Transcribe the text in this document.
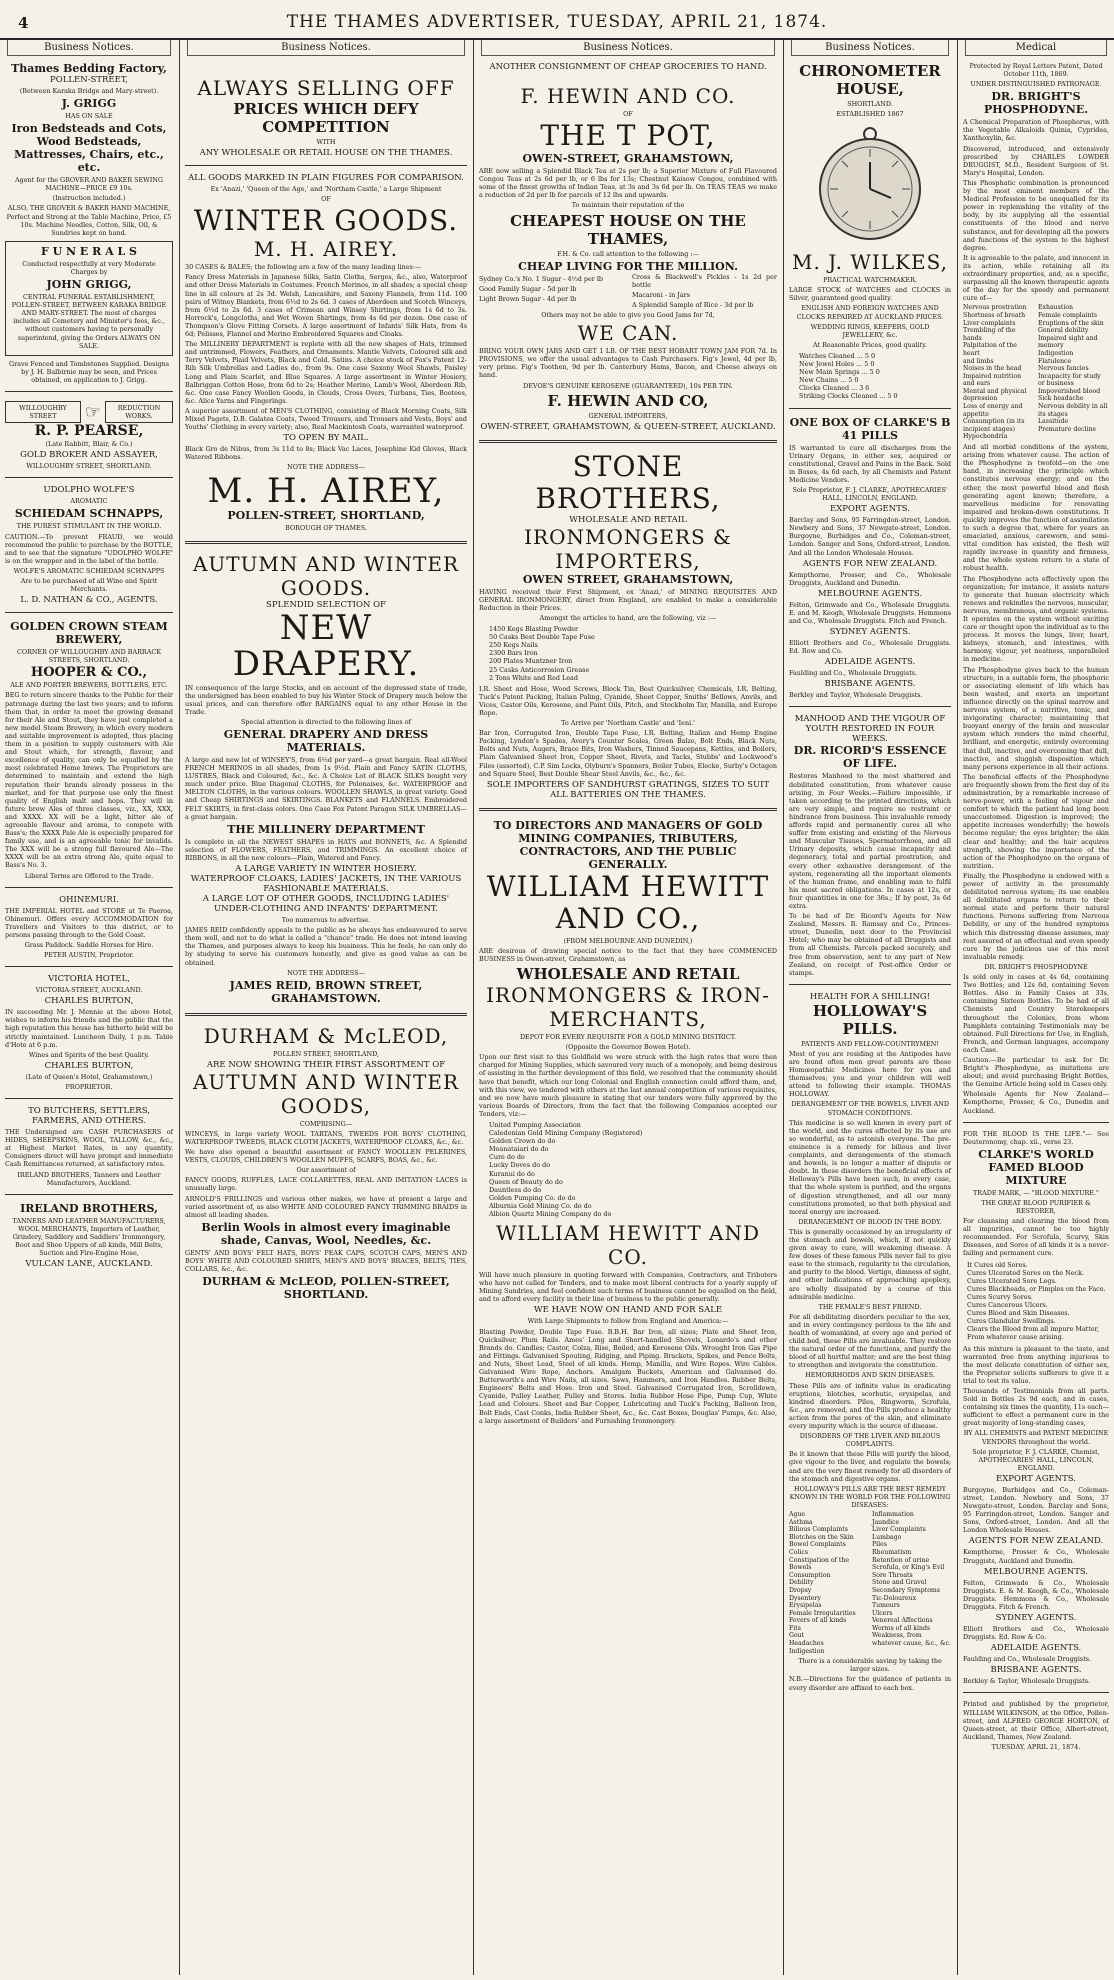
4	THE THAMES ADVERTISER, TUESDAY, APRIL 21, 1874.
Business Notices.
Thames Bedding Factory,
POLLEN-STREET,
(Between Karaka Bridge and Mary-street).
J. GRIGG
HAS ON SALE
Iron Bedsteads and Cots, Wood Bedsteads, Mattresses, Chairs, etc., etc.
Agent for the GROVER AND BAKER SEWING MACHINE—PRICE £9 10s.
(Instruction included.)
ALSO, THE GROVER & BAKER HAND MACHINE, Perfect and Strong at the Table Machine, Price, £5 10s. Machine Needles, Cotton, Silk, Oil, & Sundries kept on hand.
F U N E R A L S
Conducted respectfully at very Moderate Charges by
JOHN GRIGG,
CENTRAL FUNERAL ESTABLISHMENT, POLLEN-STREET, BETWEEN KARAKA BRIDGE AND MARY-STREET. The most of charges includes all Cemetery and Minister's fees, &c., without customers having to personally superintend, giving the Orders ALWAYS ON SALE.
Grave Fenced and Tombstones Supplied. Designs by J. H. Balbirnie may be seen, and Prices obtained, on application to J. Grigg.
WILLOUGHBY STREET	☞	REDUCTION WORKS.
R. P. PEARSE,
(Late Rabbitt, Blair, & Co.)
GOLD BROKER AND ASSAYER,
WILLOUGHBY STREET, SHORTLAND.
UDOLPHO WOLFE'S
AROMATIC
SCHIEDAM SCHNAPPS,
THE PUREST STIMULANT IN THE WORLD.
CAUTION.—To prevent FRAUD, we would recommend the public to purchase by the BOTTLE, and to see that the signature "UDOLPHO WOLFE" is on the wrapper and in the label of the bottle.
WOLFE'S AROMATIC SCHIEDAM SCHNAPPS
Are to be purchased of all Wine and Spirit Merchants.
L. D. NATHAN & CO., AGENTS.
GOLDEN CROWN STEAM BREWERY,
CORNER OF WILLOUGHBY AND BARRACK STREETS, SHORTLAND.
HOOPER & CO.,
ALE AND PORTER BREWERS, BOTTLERS, ETC.
BEG to return sincere thanks to the Public for their patronage during the last two years; and to inform them that, in order to meet the growing demand for their Ale and Stout, they have just completed a new model Steam Brewery, in which every modern and suitable improvement is adopted, thus placing them in a position to supply customers with Ale and Stout which, for strength, flavour, and excellence of quality, can only be equalled by the most celebrated Home brews. The Proprietors are determined to maintain and extend the high reputation their brands already possess in the market, and for that purpose use only the finest quality of English malt and hops. They will in future brew Ales of three classes, viz., XX, XXX, and XXXX. XX will be a light, bitter ale of agreeable flavour and aroma, to compete with Bass's; the XXXX Pale Ale is especially prepared for family use, and is an agreeable tonic for invalids. The XXX will be a strong full flavoured Ale—The XXXX will be an extra strong Ale, quite equal to Bass's No. 3.
Liberal Terms are Offered to the Trade.
OHINEMURI.
THE IMPERIAL HOTEL and STORE at Te Paeroa, Ohinemuri. Offers every ACCOMMODATION for Travellers and Visitors to this district, or to persons passing through to the Gold Coast.
Grass Paddock. Saddle Horses for Hire.
PETER AUSTIN, Proprietor.
VICTORIA HOTEL,
VICTORIA-STREET, AUCKLAND.
CHARLES BURTON,
IN succeeding Mr. J. Mennie at the above Hotel, wishes to inform his friends and the public that the high reputation this house has hitherto held will be strictly maintained. Luncheon Daily, 1 p.m. Table d'Hote at 6 p.m.
Wines and Spirits of the best Quality.
CHARLES BURTON,
(Late of Queen's Hotel, Grahamstown,)
PROPRIETOR.
TO BUTCHERS, SETTLERS, FARMERS, AND OTHERS.
THE Undersigned are CASH PURCHASERS of HIDES, SHEEPSKINS, WOOL, TALLOW, &c., &c., at Highest Market Rates, in any quantity. Consigners direct will have prompt and immediate Cash Remittances returned, at satisfactory rates.
IRELAND BROTHERS, Tanners and Leather Manufacturers, Auckland.
IRELAND BROTHERS,
TANNERS AND LEATHER MANUFACTURERS, WOOL MERCHANTS, Importers of Leather, Grindery, Saddlery and Saddlers' Ironmongery, Boot and Shoe Uppers of all kinds, Mill Belts, Suction and Fire-Engine Hose,
VULCAN LANE, AUCKLAND.
Business Notices.
ALWAYS SELLING OFF
PRICES WHICH DEFY COMPETITION
WITH
ANY WHOLESALE OR RETAIL HOUSE ON THE THAMES.
ALL GOODS MARKED IN PLAIN FIGURES FOR COMPARISON.
Ex 'Anazi,' 'Queen of the Age,' and 'Northam Castle,' a Large Shipment
OF
WINTER GOODS.
M. H. AIREY.
30 CASES & BALES; the following are a few of the many leading lines:—
Fancy Dress Materials in Japanese Silks, Satin Cloths, Serges, &c., also, Waterproof and other Dress Materials in Costumes. French Merinos, in all shades; a special cheap line in all colours at 2s 3d. Welsh, Lancashire, and Saxony Flannels, from 11d. 100 pairs of Witney Blankets, from 6½d to 2s 6d. 3 cases of Aberdeen and Scotch Winceys, from 6½d to 2s 6d. 3 cases of Crimean and Winsey Shirtings, from 1s 6d to 3s. Horrock's, Longcloths, and Wet Woven Shirtings, from 4s 6d per dozen. One case of Thompson's Glove Fitting Corsets. A large assortment of Infants' Silk Hats, from 4s 6d; Pelisses, Flannel and Merino Embroidered Squares and Cloaks.
The MILLINERY DEPARTMENT is replete with all the new shapes of Hats, trimmed and untrimmed, Flowers, Feathers, and Ornaments. Mantle Velvets, Coloured silk and Terry Velvets, Plaid Velvets, Black and Cold. Satins. A choice stock of Fox's Patent 12-Rib Silk Umbrellas and Ladies do., from 9s. One case Saxony Wool Shawls, Paisley Long and Plain Scarlet, and Blue Squares. A large assortment in Winter Hosiery, Balbriggan Cotton Hose, from 6d to 2s; Heather Merino, Lamb's Wool, Aberdeen Rib, &c. One case Fancy Woollen Goods, in Clouds, Cross Overs, Turbans, Ties, Bootees, &c. Alice Yarns and Fingerings.
A superior assortment of MEN'S CLOTHING, consisting of Black Morning Coats, Silk Mixed Pagets, D.B. Galatea Coats, Tweed Trousers, and Trousers and Vests, Boys' and Youths' Clothing in every variety; also, Real Mackintosh Coats, warranted waterproof.
TO OPEN BY MAIL.
Black Gro de Nibus, from 3s 11d to 8s; Black Vac Laces, Josephine Kid Gloves, Black Watered Ribbons.
NOTE THE ADDRESS—
M. H. AIREY,
POLLEN-STREET, SHORTLAND,
BOROUGH OF THAMES.
AUTUMN AND WINTER GOODS.
SPLENDID SELECTION OF
NEW DRAPERY.
IN consequence of the large Stocks, and on account of the depressed state of trade, the undersigned has been enabled to buy his Winter Stock of Drapery much below the usual prices, and can therefore offer BARGAINS equal to any other House in the Trade.
Special attention is directed to the following lines of
GENERAL DRAPERY AND DRESS MATERIALS.
A large and new lot of WINSEY'S, from 6½d per yard—a great bargain. Real all-Wool FRENCH MERINOS in all shades, from 1s 9½d. Plain and Fancy SATIN CLOTHS, LUSTRES, Black and Coloured, &c., &c. A Choice Lot of BLACK SILKS bought very much under price. Blue Diagonal CLOTHS, for Polonaises, &c. WATERPROOF and MELTON CLOTHS, in the various colours. WOOLLEN SHAWLS, in great variety. Good and Cheap SHIRTINGS and SKIRTINGS. BLANKETS and FLANNELS. Embroidered FELT SKIRTS, in first-class colors. One Case Fox Patent Paragon SILK UMBRELLAS—a great bargain.
THE MILLINERY DEPARTMENT
Is complete in all the NEWEST SHAPES in HATS and BONNETS, &c. A Splendid selection of FLOWERS, FEATHERS, and TRIMMINGS. An excellent choice of RIBBONS, in all the new colours—Plain, Watered and Fancy.
A LARGE VARIETY IN WINTER HOSIERY.
WATERPROOF CLOAKS, LADIES' JACKETS, IN THE VARIOUS FASHIONABLE MATERIALS.
A LARGE LOT OF OTHER GOODS, INCLUDING LADIES' UNDER-CLOTHING AND INFANTS' DEPARTMENT.
Too numerous to advertise.
JAMES REID confidently appeals to the public as he always has endeavoured to serve them well, and not to do what is called a "chance" trade. He does not intend leaving the Thames, and purposes always to keep his business. This he feels, he can only do by studying to serve his customers honestly, and give as good value as can be obtained.
NOTE THE ADDRESS—
JAMES REID, BROWN STREET, GRAHAMSTOWN.
DURHAM & McLEOD,
POLLEN STREET, SHORTLAND,
ARE NOW SHOWING THEIR FIRST ASSORTMENT OF
AUTUMN AND WINTER GOODS,
COMPRISING—
WINCEYS, in large variety WOOL TARTANS, TWEEDS FOR BOYS' CLOTHING, WATERPROOF TWEEDS, BLACK CLOTH JACKETS, WATERPROOF CLOAKS, &c., &c.
We have also opened a beautiful assortment of FANCY WOOLLEN PELERINES, VESTS, CLOUDS, CHILDREN'S WOOLLEN MUFFS, SCARFS, BOAS, &c., &c.
Our assortment of
FANCY GOODS, RUFFLES, LACE COLLARETTES, REAL AND IMITATION LACES is unusually large.
ARNOLD'S FRILLINGS and various other makes, we have at present a large and varied assortment of, as also WHITE AND COLOURED FANCY TRIMMING BRAIDS in almost all leading shades.
Berlin Wools in almost every imaginable shade, Canvas, Wool, Needles, &c.
GENTS' AND BOYS' FELT HATS, BOYS' PEAK CAPS, SCOTCH CAPS, MEN'S AND BOYS' WHITE AND COLOURED SHIRTS, MEN'S AND BOYS' BRACES, BELTS, TIES, COLLARS, &c., &c.
DURHAM & McLEOD, POLLEN-STREET, SHORTLAND.
Business Notices.
ANOTHER CONSIGNMENT OF CHEAP GROCERIES TO HAND.
F. HEWIN AND CO.
OF
THE T POT,
OWEN-STREET, GRAHAMSTOWN,
ARE now selling a Splendid Black Tea at 2s per lb; a Superior Mixture of Full Flavoured Congou Teas at 2s 6d per lb, or 6 lbs for 13s; Chestnut Kaisow Congou, combined with some of the finest growths of Indian Teas, at 3s and 3s 6d per lb. On TEAS TEAS we make a reduction of 2d per lb for parcels of 12 lbs and upwards.
To maintain their reputation of the
CHEAPEST HOUSE ON THE THAMES,
F.H. & Co. call attention to the following :—
CHEAP LIVING FOR THE MILLION.
Sydney Co.'s No. 1 Sugar - 4½d per lb
Good Family Sugar - 5d per lb
Light Brown Sugar - 4d per lb
Cross & Blackwell's Pickles - 1s 2d per bottle
Macaroni - in Jars
A Splendid Sample of Rice - 3d per lb
Others may not be able to give you Good Jams for 7d,
WE CAN.
BRING YOUR OWN JARS AND GET 1 LB. OF THE BEST HOBART TOWN JAM FOR 7d. In PROVISIONS, we offer the usual advantages to Cash Purchasers. Fig's Jewel, 4d per lb, very prime. Fig's Toothen, 9d per lb. Canterbury Hams, Bacon, and Cheese always on hand.
DEVOE'S GENUINE KEROSENE (GUARANTEED), 10s PER TIN.
F. HEWIN AND CO,
GENERAL IMPORTERS,
OWEN-STREET, GRAHAMSTOWN, & QUEEN-STREET, AUCKLAND.
STONE BROTHERS,
WHOLESALE AND RETAIL
IRONMONGERS & IMPORTERS,
OWEN STREET, GRAHAMSTOWN,
HAVING received their First Shipment, ex 'Anazi,' of MINING REQUISITES AND GENERAL IRONMONGERY, direct from England, are enabled to make a considerable Reduction in their Prices.
Amongst the articles to hand, are the following, viz :—
1450 Kegs Blasting Powder
50 Casks Best Double Tape Fuse
250 Kegs Nails
2300 Bars Iron
200 Plates Muntzner Iron
25 Casks Anticorrosion Grease
2 Tons White and Red Lead
I.R. Sheet and Hose, Wood Screws, Block Tin, Best Quicksilver, Chemicals, I.R. Belting, Tuck's Patent Packing, Italian Paling, Cyanide, Sheet Copper, Smiths' Bellows, Anvils, and Vices, Castor Oils, Kerosene, and Paint Oils, Pitch, and Stockholm Tar, Manilla, and Europe Rope.
To Arrive per 'Northam Castle' and 'Ieni.'
Bar Iron, Corrugated Iron, Double Tape Fuse, I.R. Belting, Italian and Hemp Engine Packing, Lyndon's Spades, Avery's Counter Scales, Green Balze, Bolt Ends, Black Nuts, Bolts and Nuts, Augers, Brace Bits, Iron Washers, Tinned Saucepans, Kettles, and Boilers, Plain Galvanised Sheet Iron, Copper Sheet, Rivets, and Tacks, Stubbs' and Lockwood's Files (assorted), C.P. Sim Locks, Olyburn's Spanners, Boiler Tubes, Elecke, Surby's Octagon and Square Steel, Best Double Shear Steel Anvils, &c., &c., &c.
SOLE IMPORTERS OF SANDHURST GRATINGS, SIZES TO SUIT ALL BATTERIES ON THE THAMES.
TO DIRECTORS AND MANAGERS OF GOLD MINING COMPANIES, TRIBUTERS, CONTRACTORS, AND THE PUBLIC GENERALLY.
WILLIAM HEWITT AND CO.,
(FROM MELBOURNE AND DUNEDIN,)
ARE desirous of drawing special notice to the fact that they have COMMENCED BUSINESS in Owen-street, Grahamstown, as
WHOLESALE AND RETAIL
IRONMONGERS & IRON-MERCHANTS,
DEPOT FOR EVERY REQUISITE FOR A GOLD MINING DISTRICT.
(Opposite the Governor Bowen Hotel).
Upon our first visit to this Goldfield we were struck with the high rates that were then charged for Mining Supplies, which savoured very much of a monopoly, and being desirous of assisting in the further development of this field, we resolved that the community should have that benefit, which our long Colonial and English connection could afford them, and, with this view, we tendered with others at the last annual competition of various requisites, and we now have much pleasure in stating that our tenders were fully approved by the various Boards of Directors, from the fact that the following Companies accepted our Tenders, viz:—
United Pumping Association
Caledonian Gold Mining Company (Registered)
Golden Crown do do
Moanataiari do do
Cure do do
Lucky Doves do do
Kuranui do do
Queen of Beauty do do
Dauntless do do
Golden Pumping Co. do do
Alburnia Gold Mining Co. do do
Albion Quartz Mining Company do do
WILLIAM HEWITT AND CO.
Will have much pleasure in quoting forward with Companies, Contractors, and Tributers who have not called for Tenders, and to make most liberal contracts for a yearly supply of Mining Sundries, and feel confident such terms of business cannot be equalled on the field, and to afford every facility in their line of business to the public generally.
WE HAVE NOW ON HAND AND FOR SALE
With Large Shipments to follow from England and America:—
Blasting Powder, Double Tape Fuse. B.B.H. Bar Iron, all sizes; Plate and Sheet Iron, Quicksilver, Plum Rails. Ames' Long and Short-handled Shovels, Lonardo's and other Brands do. Candles; Castor, Colza, Rise, Boiled, and Kerosene Oils. Wrought Iron Gas Pipe and Fittings. Galvanised Spouting, Ridging, and Piping. Brackets, Spikes, and Fence Bolts, and Nuts, Sheet Lead, Steel of all kinds. Hemp, Manilla, and Wire Ropes. Wire Cables. Galvanised Wire Rope, Anchors. Amalgam Buckets, American and Galvanised do. Butterworth's and Wire Nails, all sizes. Saws, Hammers, and Iron Handles. Rubber Belts, Engineers' Belts and Hose. Iron and Steel. Galvanised Corrugated Iron, Scrolldown, Cyanide, Pulley Leather, Pulley and Stores. India Rubber Hose Pipe, Pump Cup, White Lead and Colours. Sheet and Bar Copper, Lubricating and Tuck's Packing, Balloon Iron, Bolt Ends, Cast Conks, India Rubber Sheet, &c., &c. Cast Boxes, Douglas' Pumps, &c. Also, a large assortment of Builders' and Furnishing Ironmongery.
Business Notices.
CHRONOMETER HOUSE,
SHORTLAND.
ESTABLISHED 1867
M. J. WILKES,
PRACTICAL WATCHMAKER.
LARGE STOCK of WATCHES and CLOCKS in Silver, guaranteed good quality.
ENGLISH AND FOREIGN WATCHES AND CLOCKS REPAIRED AT AUCKLAND PRICES.
WEDDING RINGS, KEEPERS, GOLD JEWELLERY, &c.
At Reasonable Prices, good quality.
Watches Cleaned ... 5 0
New Jewel Holes ... 5 0
New Main Springs ... 5 0
New Chains ... 5 0
Clocks Cleaned ... 3 6
Striking Clocks Cleaned ... 5 0
ONE BOX OF CLARKE'S B 41 PILLS
IS warranted to cure all discharges from the Urinary Organs, in either sex, acquired or constitutional, Gravel and Pains in the Back. Sold in Boxes, 4s 6d each, by all Chemists and Patent Medicine Vendors.
Sole Proprietor, F. J. CLARKE, APOTHECARIES' HALL, LINCOLN, ENGLAND.
EXPORT AGENTS.
Barclay and Sons, 95 Farringdon-street, London. Newbery and Sons, 37 Newgate-street, London. Burgoyne, Burbidges and Co., Coleman-street, London. Sanger and Sons, Oxford-street, London. And all the London Wholesale Houses.
AGENTS FOR NEW ZEALAND.
Kempthorne, Prosser, and Co., Wholesale Druggists, Auckland and Dunedin.
MELBOURNE AGENTS.
Felton, Grimwade and Co., Wholesale Druggists. E. and M. Keogh, Wholesale Druggists. Hemmons and Co., Wholesale Druggists. Fitch and French.
SYDNEY AGENTS.
Elliott Brothers and Co., Wholesale Druggists. Ed. Row and Co.
ADELAIDE AGENTS.
Faulding and Co., Wholesale Druggists.
BRISBANE AGENTS.
Berkley and Taylor, Wholesale Druggists.
MANHOOD AND THE VIGOUR OF YOUTH RESTORED IN FOUR WEEKS.
DR. RICORD'S ESSENCE OF LIFE.
Restores Manhood to the most shattered and debilitated constitution, from whatever cause arising, in Four Weeks.—Failure impossible, if taken according to the printed directions, which are very simple, and require no restraint or hindrance from business. This invaluable remedy affords rapid and permanently cures all who suffer from existing and existing of the Nervous and Muscular Tissues, Spermatorrhoea, and all Urinary deposits, which cause incapacity and degeneracy, total and partial prostration, and every other exhaustive derangement of the system, regenerating all the important elements of the human frame, and enabling man to fulfil his most sacred obligations. In cases at 12s, or four quantities in one for 36s.; If by post, 3s 6d extra.
To be had of Dr. Ricord's Agents for New Zealand, Messrs. R. Ramsay and Co., Princes-street, Dunedin, next door to the Provincial Hotel; who may be obtained of all Druggists and from all Chemists. Parcels packed securely, and free from observation, sent to any part of New Zealand, on receipt of Post-office Order or stamps.
HEALTH FOR A SHILLING!
HOLLOWAY'S PILLS.
PATIENTS AND FELLOW-COUNTRYMEN!
Most of you are residing at the Antipodes have are found often men great parents are these Homœopathic Medicines here for you and themselves; you and your children will well attend to following their example. THOMAS HOLLOWAY.
DERANGEMENT OF THE BOWELS, LIVER AND STOMACH CONDITIONS.
This medicine is so well known in every part of the world, and the cures effected by its use are so wonderful, as to astonish everyone. The pre-eminence is a remedy for bilious and liver complaints, and derangements of the stomach and bowels, is no longer a matter of dispute or doubt. In these disorders the beneficial effects of Holloway's Pills have been such, in every case, that the whole system is purified, and the organs of digestion strengthened, and all our many constitutions promoted, so that both physical and moral energy are increased.
DERANGEMENT OF BLOOD IN THE BODY.
This is generally occasioned by an irregularity of the stomach and bowels, which, if not quickly given away to cure, will weakening disease. A few doses of these famous Pills never fail to give ease to the stomach, regularity to the circulation, and purity to the blood. Vertigo, dimness of sight, and other indications of approaching apoplexy, are wholly dissipated by a course of this admirable medicine.
THE FEMALE'S BEST FRIEND.
For all debilitating disorders peculiar to the sex, and in every contingency perilous to the life and health of womankind, at every age and period of child bed, these Pills are invaluable. They restore the natural order of the functions, and purify the blood of all hurtful matter; and are the best thing to strengthen and invigorate the constitution.
HEMORRHOIDS AND SKIN DISEASES.
These Pills are of infinite value in eradicating eruptions, blotches, scorbutic, erysipelas, and kindred disorders. Piles, Ringworm, Scrofula, &c., are removed, and the Pills produce a healthy action from the pores of the skin, and eliminate every impurity which is the source of disease.
DISORDERS OF THE LIVER AND BILIOUS COMPLAINTS.
Be it known that these Pills will purify the blood, give vigour to the liver, and regulate the bowels; and are the very finest remedy for all disorders of the stomach and digestive organs.
HOLLOWAY'S PILLS ARE THE BEST REMEDY KNOWN IN THE WORLD FOR THE FOLLOWING DISEASES:
Ague
Asthma
Bilious Complaints
Blotches on the Skin
Bowel Complaints
Colics
Constipation of the Bowels
Consumption
Debility
Dropsy
Dysentery
Erysipelas
Female Irregularities
Fevers of all kinds
Fits
Gout
Headaches
Indigestion
Inflammation
Jaundice
Liver Complaints
Lumbago
Piles
Rheumatism
Retention of urine
Scrofula, or King's Evil
Sore Throats
Stone and Gravel
Secondary Symptoms
Tic-Doloureux
Tumours
Ulcers
Venereal Affections
Worms of all kinds
Weakness, from whatever cause, &c., &c.
There is a considerable saving by taking the larger sizes.
N.B.—Directions for the guidance of patients in every disorder are affixed to each box.
Medical
Protected by Royal Letters Patent, Dated October 11th, 1869.
UNDER DISTINGUISHED PATRONAGE.
DR. BRIGHT'S PHOSPHODYNE.
A Chemical Preparation of Phosphorus, with the Vegetable Alkaloids Quinia, Cypridea, Xanthoxylin, &c.
Discovered, introduced, and extensively prescribed by CHARLES LOWDER DRUGGIST, M.D., Resident Surgeon of St. Mary's Hospital, London.
This Phosphatic combination is pronounced by the most eminent members of the Medical Profession to be unequalled for its power in replenishing the vitality of the body, by its supplying all the essential constituents of the blood and nerve substance, and for developing all the powers and functions of the system to the highest degree.
It is agreeable to the palate, and innocent in its action, while retaining all its extraordinary properties, and, as a specific, surpassing all the known therapeutic agents of the day for the speedy and permanent cure of—
Nervous prostration
Shortness of breath
Liver complaints
Trembling of the hands
Palpitation of the heart
and limbs
Noises in the head
Impaired nutrition
and ears
Mental and physical depression
Loss of energy and appetite
Consumption (in its incipient stages)
Hypochondria
Exhaustion
Female complaints
Eruptions of the skin
General debility
Impaired sight and memory
Indigestion
Flatulence
Nervous fancies
Incapacity for study or business
Impoverished blood
Sick headache
Nervous debility in all its stages
Lassitude
Premature decline
And all morbid conditions of the system, arising from whatever cause. The action of the Phosphodyne is twofold—on the one hand, in increasing the principle which constitutes nervous energy; and on the other, the most powerful blood and flesh generating agent known; therefore, a marvellous medicine for renovating impaired and broken-down constitutions. It quickly improves the function of assimilation to such a degree that, where for years an emaciated, anxious, careworn, and semi-vital condition has existed, the flesh will rapidly increase in quantity and firmness, and the whole system return to a state of robust health.
The Phosphodyne acts effectively upon the organization; for instance, it assists nature to generate that human electricity which renews and rekindles the nervous, muscular, nervous, membranous, and organic systems. It operates on the system without exciting care or thought upon the individual as to the process. It moves the lungs, liver, heart, kidneys, stomach, and intestines, with harmony, vigour, yet neatness, unparalleled in medicine.
The Phosphodyne gives back to the human structure, in a suitable form, the phosphoric or associating element of life which has been wasted, and exerts an important influence directly on the spinal marrow and nervous system, of a nutritive, tonic, and invigorating character; maintaining that buoyant energy of the brain and muscular system which renders the mind cheerful, brilliant, and energetic, entirely overcoming that dull, inactive, and overcoming that dull, inactive, and sluggish disposition which many persons experience in all their actions.
The beneficial effects of the Phosphodyne are frequently shown from the first day of its administration, by a remarkable increase of nerve-power, with a feeling of vigour and comfort to which the patient had long been unaccustomed. Digestion is improved; the appetite increases wonderfully; the bowels become regular; the eyes brighter; the skin clear and healthy; and the hair acquires strength, showing the importance of the action of the Phosphodyne on the organs of nutrition.
Finally, the Phosphodyne is endowed with a power of activity in the presumably debilitated nervous system; its use enables all debilitated organs to return to their normal state and perform their natural functions. Persons suffering from Nervous Debility, or any of the hundred symptoms which this distressing disease assumes, may rest assured of an effectual and even speedy cure by the judicious use of this most invaluable remedy.
DR. BRIGHT'S PHOSPHODYNE
Is sold only in cases at 4s 6d, containing Two Bottles; and 12s 6d, containing Seven Bottles. Also in Family Cases at 33s, containing Sixteen Bottles. To be had of all Chemists and Country Storekeepers throughout the Colonies, from whom Pamphlets containing Testimonials may be obtained. Full Directions for Use, in English, French, and German languages, accompany each Case.
Caution.—Be particular to ask for Dr. Bright's Phosphodyne, as imitations are about; and avoid purchasing Bright Bottles, the Genuine Article being sold in Cases only.
Wholesale Agents for New Zealand— Kempthorne, Prosser, & Co., Dunedin and Auckland.
FOR THE BLOOD IS THE LIFE."— See Deuteronomy, chap. xii., verse 23.
CLARKE'S WORLD FAMED BLOOD MIXTURE
TRADE MARK, — "BLOOD MIXTURE."
THE GREAT BLOOD PURIFIER & RESTORER,
For cleansing and clearing the blood from all impurities, cannot be too highly recommended. For Scrofula, Scurvy, Skin Diseases, and Sores of all kinds it is a never-failing and permanent cure.
It Cures old Sores.
Cures Ulcerated Sores on the Neck.
Cures Ulcerated Sore Legs.
Cures Blackheads, or Pimples on the Face.
Cures Scurvy Sores.
Cures Cancerous Ulcers.
Cures Blood and Skin Diseases.
Cures Glandular Swellings.
Clears the Blood from all impure Matter, From whatever cause arising.
As this mixture is pleasant to the taste, and warranted free from anything injurious to the most delicate constitution of either sex, the Proprietor solicits sufferers to give it a trial to test its value.
Thousands of Testimonials from all parts. Sold in Bottles 2s 9d each, and in cases, containing six times the quantity, 11s each—sufficient to effect a permanent cure in the great majority of long-standing cases,
BY ALL CHEMISTS and PATENT MEDICINE VENDORS throughout the world.
Sole proprietor, F. J. CLARKE, Chemist, APOTHECARIES' HALL, LINCOLN, ENGLAND.
EXPORT AGENTS.
Burgoyne, Burbidges and Co., Coleman-street, London. Newbery and Sons, 37 Newgate-street, London. Barclay and Sons, 95 Farringdon-street, London. Sanger and Sons, Oxford-street, London. And all the London Wholesale Houses.
AGENTS FOR NEW ZEALAND.
Kempthorne, Prosser & Co., Wholesale Druggists, Auckland and Dunedin.
MELBOURNE AGENTS.
Felton, Grimwade & Co., Wholesale Druggists. E. & M. Keogh, & Co., Wholesale Druggists. Hemmons & Co., Wholesale Druggists. Fitch & French.
SYDNEY AGENTS.
Elliott Brothers and Co., Wholesale Druggists. Ed. Row & Co.
ADELAIDE AGENTS.
Faulding and Co., Wholesale Druggists.
BRISBANE AGENTS.
Berkley & Taylor, Wholesale Druggists.
Printed and published by the proprietor, WILLIAM WILKINSON, at the Office, Pollen-street, and ALFRED GEORGE HORTON, of Queen-street, at their Office, Albert-street, Auckland, Thames, New Zealand.
TUESDAY, APRIL 21, 1874.
